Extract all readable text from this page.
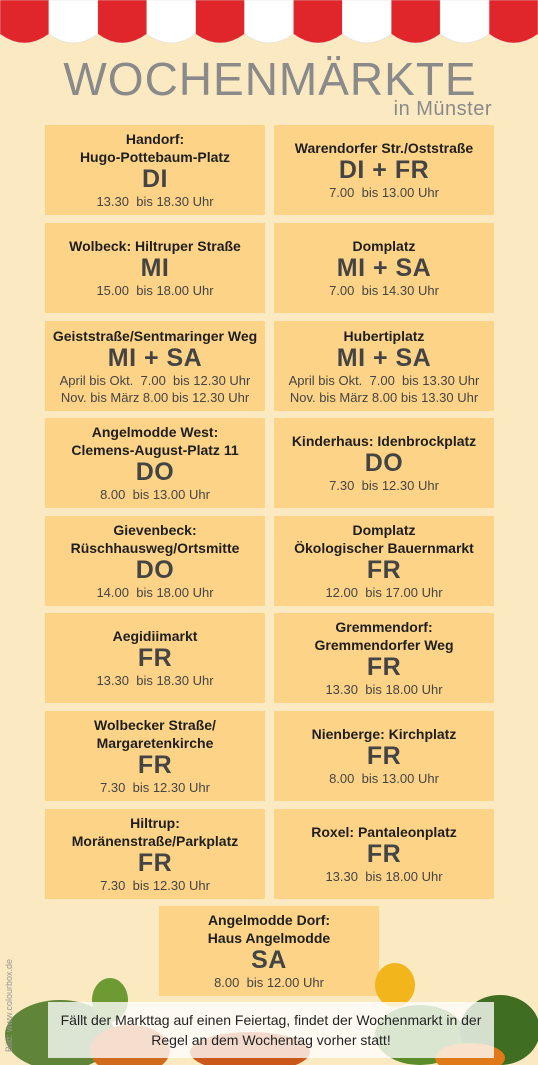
WOCHENMÄRKTE
in Münster
Handorf:
Hugo-Pottebaum-Platz
DI
13.30  bis 18.30 Uhr
Warendorfer Str./Oststraße
DI + FR
7.00  bis 13.00 Uhr
Wolbeck: Hiltruper Straße
MI
15.00  bis 18.00 Uhr
Domplatz
MI + SA
7.00  bis 14.30 Uhr
Geiststraße/Sentmaringer Weg
MI + SA
April bis Okt.  7.00  bis 12.30 Uhr
Nov. bis März 8.00 bis 12.30 Uhr
Hubertiplatz
MI + SA
April bis Okt.  7.00  bis 13.30 Uhr
Nov. bis März 8.00 bis 13.30 Uhr
Angelmodde West:
Clemens-August-Platz 11
DO
8.00  bis 13.00 Uhr
Kinderhaus: Idenbrockplatz
DO
7.30  bis 12.30 Uhr
Gievenbeck:
Rüschhausweg/Ortsmitte
DO
14.00  bis 18.00 Uhr
Domplatz
Ökologischer Bauernmarkt
FR
12.00  bis 17.00 Uhr
Aegidiimarkt
FR
13.30  bis 18.30 Uhr
Gremmendorf:
Gremmendorfer Weg
FR
13.30  bis 18.00 Uhr
Wolbecker Straße/
Margaretenkirche
FR
7.30  bis 12.30 Uhr
Nienberge: Kirchplatz
FR
8.00  bis 13.00 Uhr
Hiltrup:
Moränenstraße/Parkplatz
FR
7.30  bis 12.30 Uhr
Roxel: Pantaleonplatz
FR
13.30  bis 18.00 Uhr
Angelmodde Dorf:
Haus Angelmodde
SA
8.00  bis 12.00 Uhr
Fällt der Markttag auf einen Feiertag, findet der Wochenmarkt in der Regel an dem Wochentag vorher statt!
Bild: www.colourbox.de
